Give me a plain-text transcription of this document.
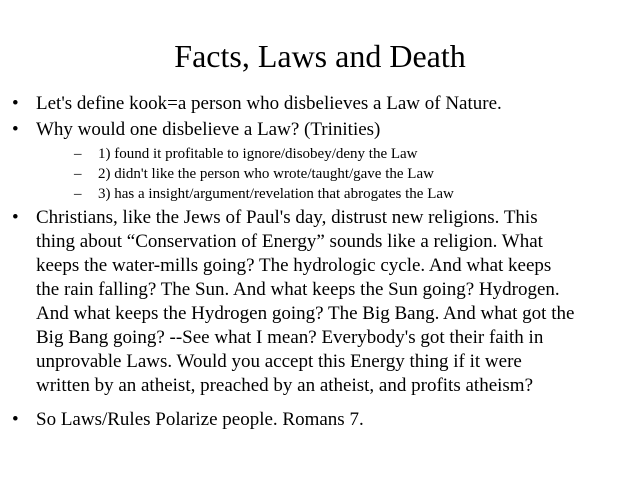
Facts, Laws and Death
• Let's define kook=a person who disbelieves a Law of Nature.
• Why would one disbelieve a Law? (Trinities)
– 1) found it profitable to ignore/disobey/deny the Law
– 2) didn't like the person who wrote/taught/gave the Law
– 3) has a insight/argument/revelation that abrogates the Law
• Christians, like the Jews of Paul's day, distrust new religions. This
thing about “Conservation of Energy” sounds like a religion. What
keeps the water-mills going? The hydrologic cycle. And what keeps
the rain falling? The Sun. And what keeps the Sun going? Hydrogen.
And what keeps the Hydrogen going? The Big Bang. And what got the
Big Bang going? --See what I mean? Everybody's got their faith in
unprovable Laws. Would you accept this Energy thing if it were
written by an atheist, preached by an atheist, and profits atheism?
• So Laws/Rules Polarize people. Romans 7.
